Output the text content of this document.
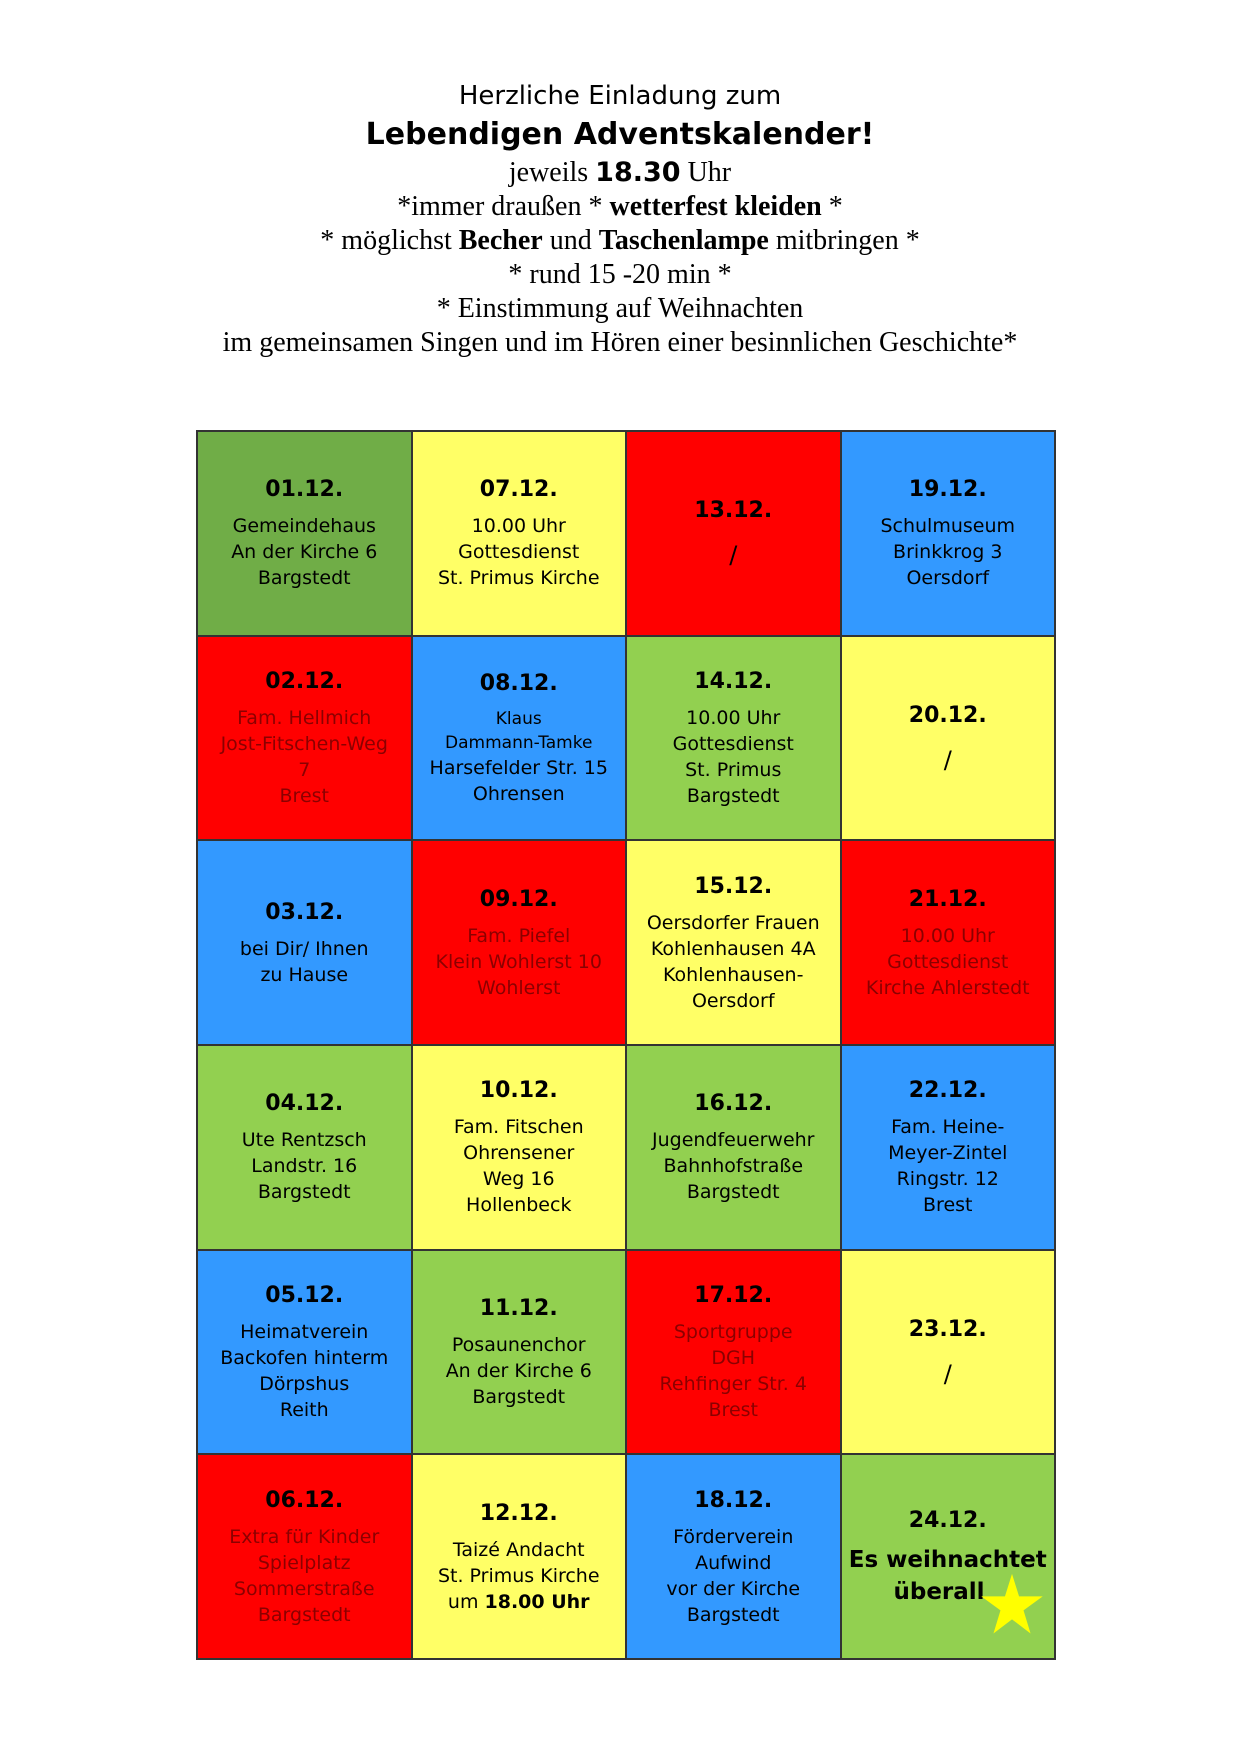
Herzliche Einladung zum

Lebendigen Adventskalender!

jeweils 18.30 Uhr

*immer draußen * wetterfest kleiden *

* möglichst Becher und Taschenlampe mitbringen *

* rund 15 -20 min *

* Einstimmung auf Weihnachten

im gemeinsamen Singen und im Hören einer besinnlichen Geschichte*

01.12.
Gemeindehaus
An der Kirche 6
Bargstedt
07.12.
10.00 Uhr
Gottesdienst
St. Primus Kirche
13.12.
/
19.12.
Schulmuseum
Brinkkrog 3
Oersdorf
02.12.
Fam. Hellmich
Jost-Fitschen-Weg
7
Brest
08.12.
Klaus
Dammann-Tamke
Harsefelder Str. 15
Ohrensen
14.12.
10.00 Uhr
Gottesdienst
St. Primus
Bargstedt
20.12.
/
03.12.
bei Dir/ Ihnen
zu Hause
09.12.
Fam. Piefel
Klein Wohlerst 10
Wohlerst
15.12.
Oersdorfer Frauen
Kohlenhausen 4A
Kohlenhausen-
Oersdorf
21.12.
10.00 Uhr
Gottesdienst
Kirche Ahlerstedt
04.12.
Ute Rentzsch
Landstr. 16
Bargstedt
10.12.
Fam. Fitschen
Ohrensener
Weg 16
Hollenbeck
16.12.
Jugendfeuerwehr
Bahnhofstraße
Bargstedt
22.12.
Fam. Heine-
Meyer-Zintel
Ringstr. 12
Brest
05.12.
Heimatverein
Backofen hinterm
Dörpshus
Reith
11.12.
Posaunenchor
An der Kirche 6
Bargstedt
17.12.
Sportgruppe
DGH
Rehfinger Str. 4
Brest
23.12.
/
06.12.
Extra für Kinder
Spielplatz
Sommerstraße
Bargstedt
12.12.
Taizé Andacht
St. Primus Kirche
um 18.00 Uhr
18.12.
Förderverein
Aufwind
vor der Kirche
Bargstedt
24.12.
Es weihnachtet
überall
